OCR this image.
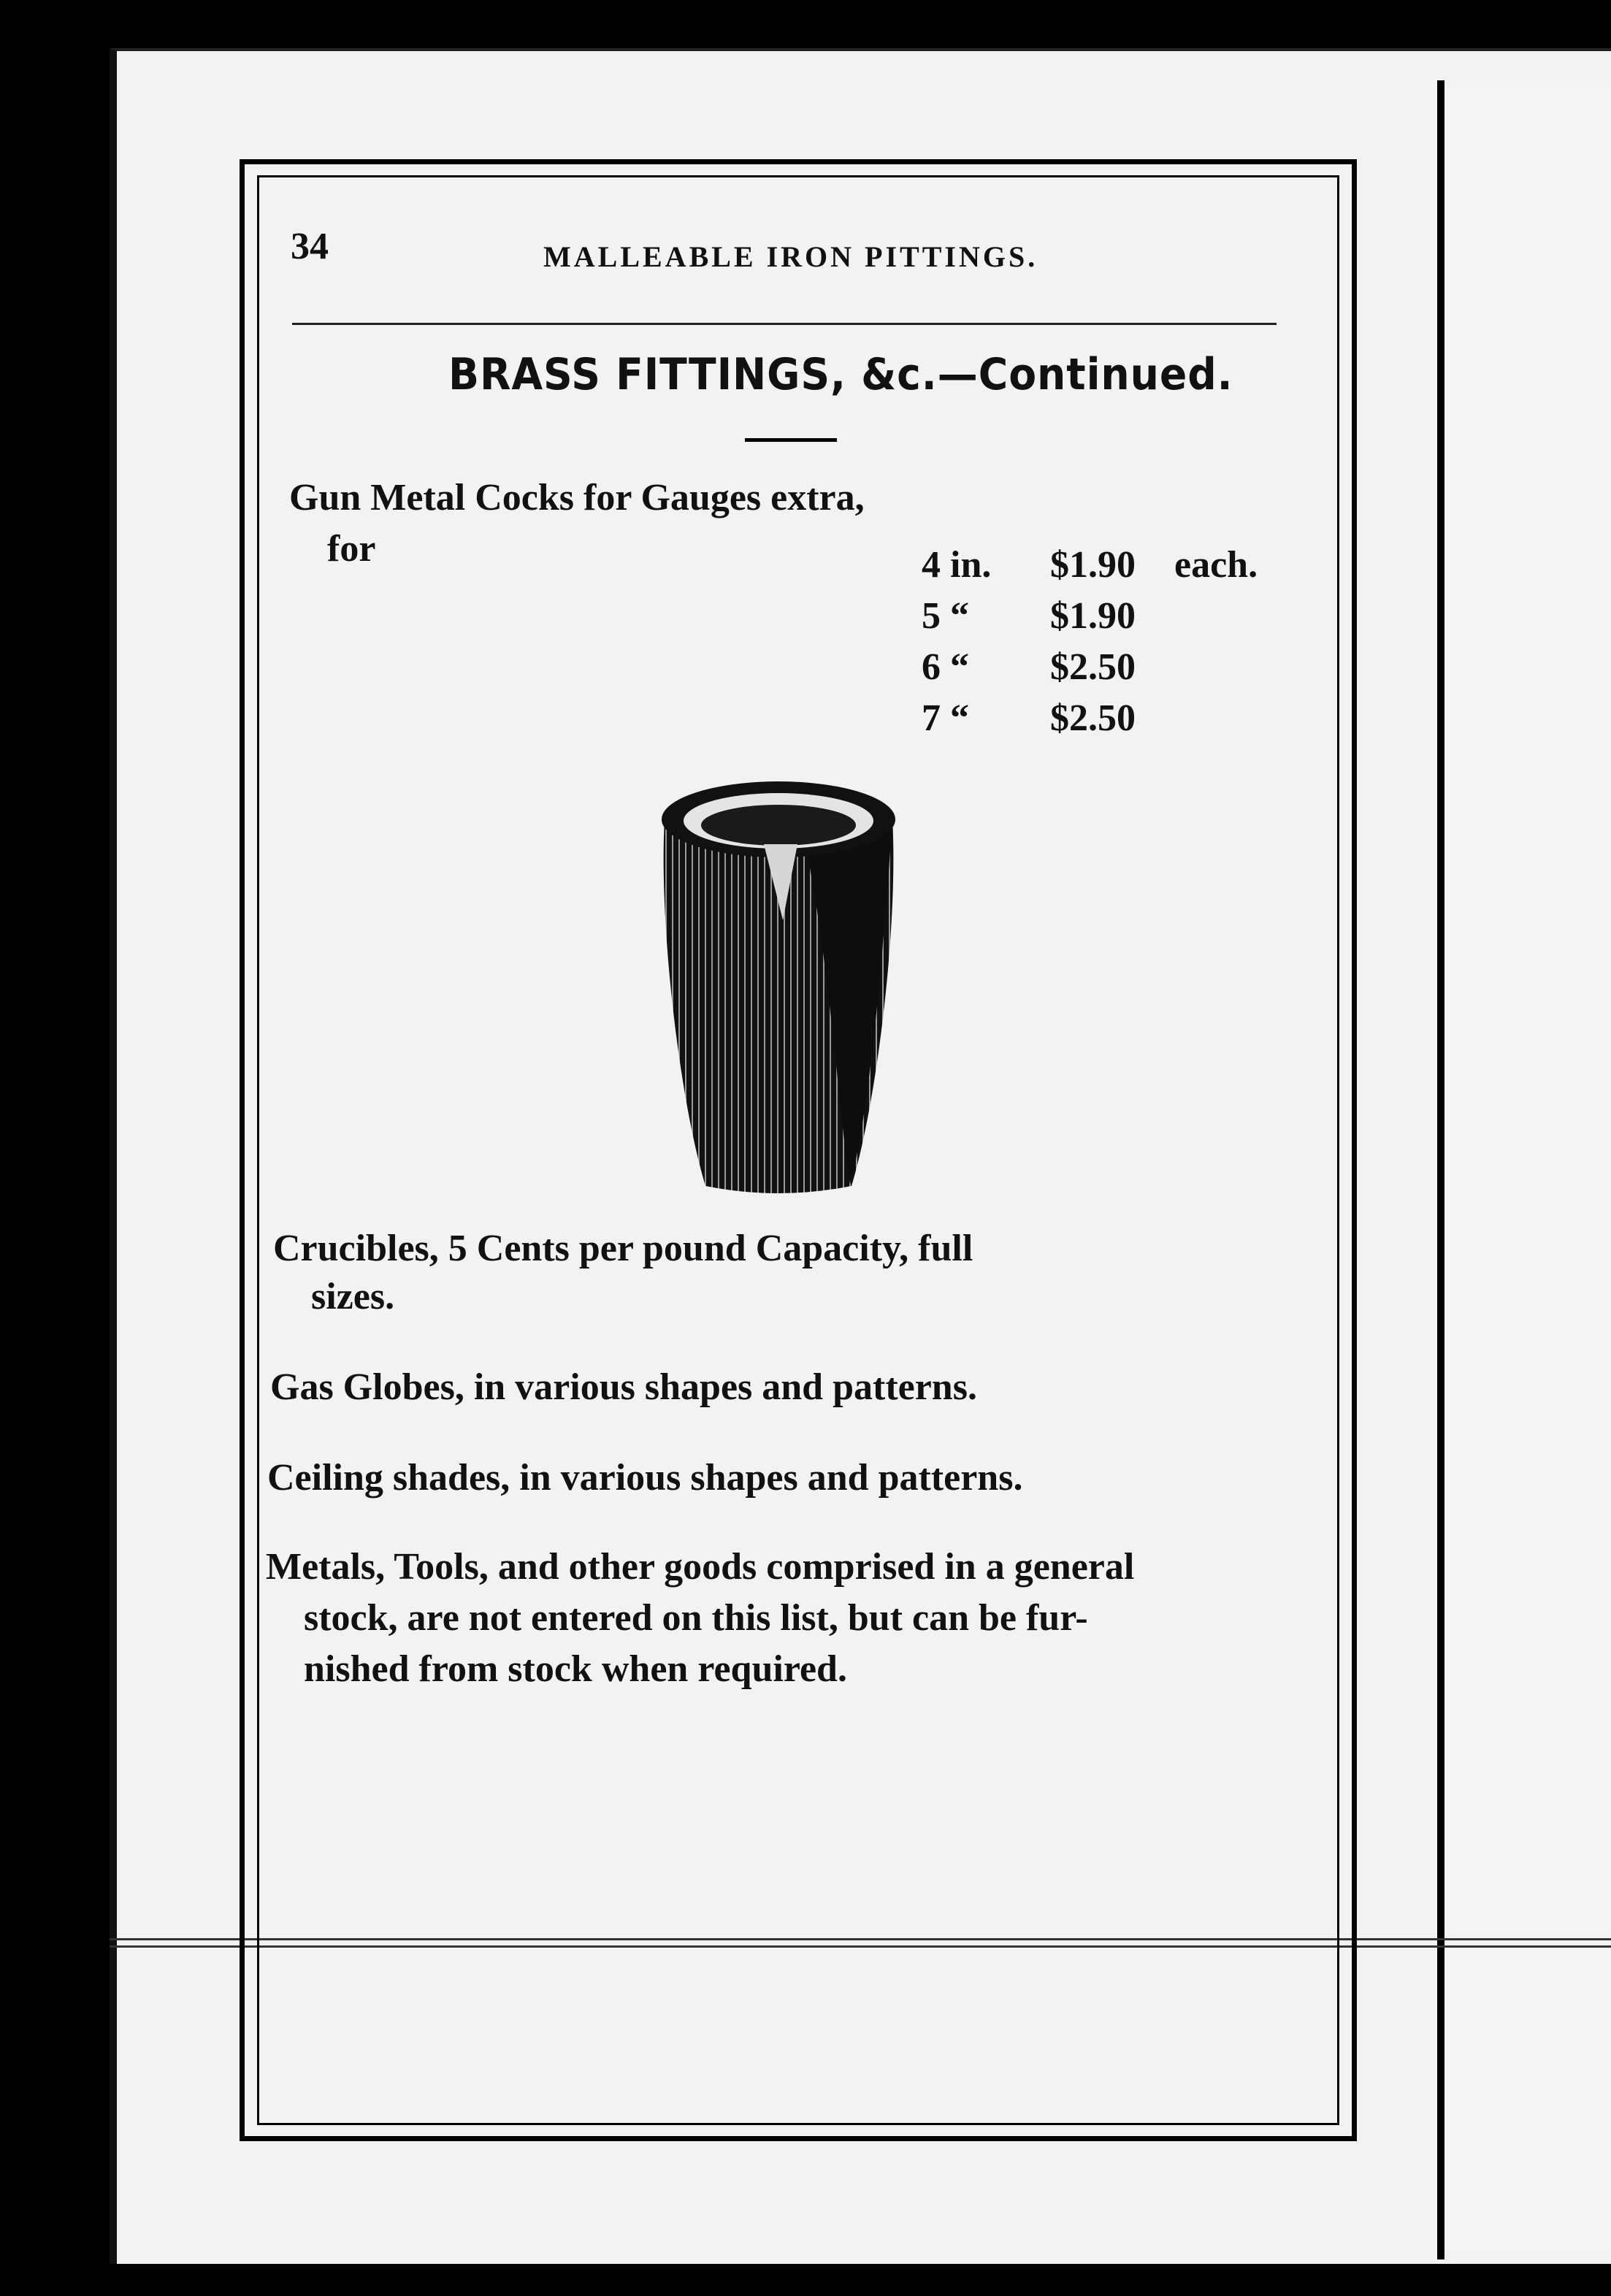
34	MALLEABLE IRON PITTINGS.
BRASS FITTINGS, &c.—Continued.
Gun Metal Cocks for Gauges extra,
for	4 in. $1.90 each.
5 “ $1.90
6 “ $2.50
7 “ $2.50
Crucibles, 5 Cents per pound Capacity, full
sizes.
Gas Globes, in various shapes and patterns.
Ceiling shades, in various shapes and patterns.
Metals, Tools, and other goods comprised in a general
stock, are not entered on this list, but can be fur-
nished from stock when required.
